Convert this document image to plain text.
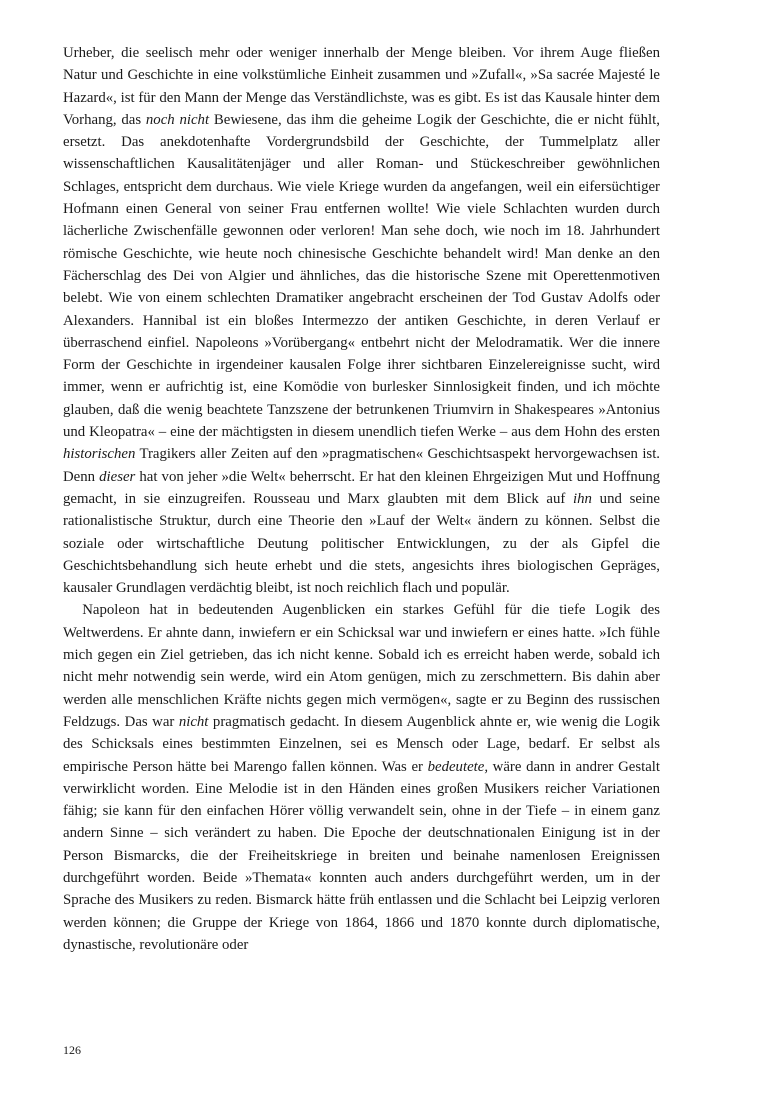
Urheber, die seelisch mehr oder weniger innerhalb der Menge bleiben. Vor ihrem Auge fließen Natur und Geschichte in eine volkstümliche Einheit zusammen und »Zufall«, »Sa sacrée Majesté le Hazard«, ist für den Mann der Menge das Verständlichste, was es gibt. Es ist das Kausale hinter dem Vorhang, das noch nicht Bewiesene, das ihm die geheime Logik der Geschichte, die er nicht fühlt, ersetzt. Das anekdotenhafte Vordergrundsbild der Geschichte, der Tummelplatz aller wissenschaftlichen Kausalitätenjäger und aller Roman- und Stückeschreiber gewöhnlichen Schlages, entspricht dem durchaus. Wie viele Kriege wurden da angefangen, weil ein eifersüchtiger Hofmann einen General von seiner Frau entfernen wollte! Wie viele Schlachten wurden durch lächerliche Zwischenfälle gewonnen oder verloren! Man sehe doch, wie noch im 18. Jahrhundert römische Geschichte, wie heute noch chinesische Geschichte behandelt wird! Man denke an den Fächerschlag des Dei von Algier und ähnliches, das die historische Szene mit Operettenmotiven belebt. Wie von einem schlechten Dramatiker angebracht erscheinen der Tod Gustav Adolfs oder Alexanders. Hannibal ist ein bloßes Intermezzo der antiken Geschichte, in deren Verlauf er überraschend einfiel. Napoleons »Vorübergang« entbehrt nicht der Melodramatik. Wer die innere Form der Geschichte in irgendeiner kausalen Folge ihrer sichtbaren Einzelereignisse sucht, wird immer, wenn er aufrichtig ist, eine Komödie von burlesker Sinnlosigkeit finden, und ich möchte glauben, daß die wenig beachtete Tanzszene der betrunkenen Triumvirn in Shakespeares »Antonius und Kleopatra« – eine der mächtigsten in diesem unendlich tiefen Werke – aus dem Hohn des ersten historischen Tragikers aller Zeiten auf den »pragmatischen« Geschichtsaspekt hervorgewachsen ist. Denn dieser hat von jeher »die Welt« beherrscht. Er hat den kleinen Ehrgeizigen Mut und Hoffnung gemacht, in sie einzugreifen. Rousseau und Marx glaubten mit dem Blick auf ihn und seine rationalistische Struktur, durch eine Theorie den »Lauf der Welt« ändern zu können. Selbst die soziale oder wirtschaftliche Deutung politischer Entwicklungen, zu der als Gipfel die Geschichtsbehandlung sich heute erhebt und die stets, angesichts ihres biologischen Gepräges, kausaler Grundlagen verdächtig bleibt, ist noch reichlich flach und populär.

Napoleon hat in bedeutenden Augenblicken ein starkes Gefühl für die tiefe Logik des Weltwerdens. Er ahnte dann, inwiefern er ein Schicksal war und inwiefern er eines hatte. »Ich fühle mich gegen ein Ziel getrieben, das ich nicht kenne. Sobald ich es erreicht haben werde, sobald ich nicht mehr notwendig sein werde, wird ein Atom genügen, mich zu zerschmettern. Bis dahin aber werden alle menschlichen Kräfte nichts gegen mich vermögen«, sagte er zu Beginn des russischen Feldzugs. Das war nicht pragmatisch gedacht. In diesem Augenblick ahnte er, wie wenig die Logik des Schicksals eines bestimmten Einzelnen, sei es Mensch oder Lage, bedarf. Er selbst als empirische Person hätte bei Marengo fallen können. Was er bedeutete, wäre dann in andrer Gestalt verwirklicht worden. Eine Melodie ist in den Händen eines großen Musikers reicher Variationen fähig; sie kann für den einfachen Hörer völlig verwandelt sein, ohne in der Tiefe – in einem ganz andern Sinne – sich verändert zu haben. Die Epoche der deutschnationalen Einigung ist in der Person Bismarcks, die der Freiheitskriege in breiten und beinahe namenlosen Ereignissen durchgeführt worden. Beide »Themata« konnten auch anders durchgeführt werden, um in der Sprache des Musikers zu reden. Bismarck hätte früh entlassen und die Schlacht bei Leipzig verloren werden können; die Gruppe der Kriege von 1864, 1866 und 1870 konnte durch diplomatische, dynastische, revolutionäre oder

126
